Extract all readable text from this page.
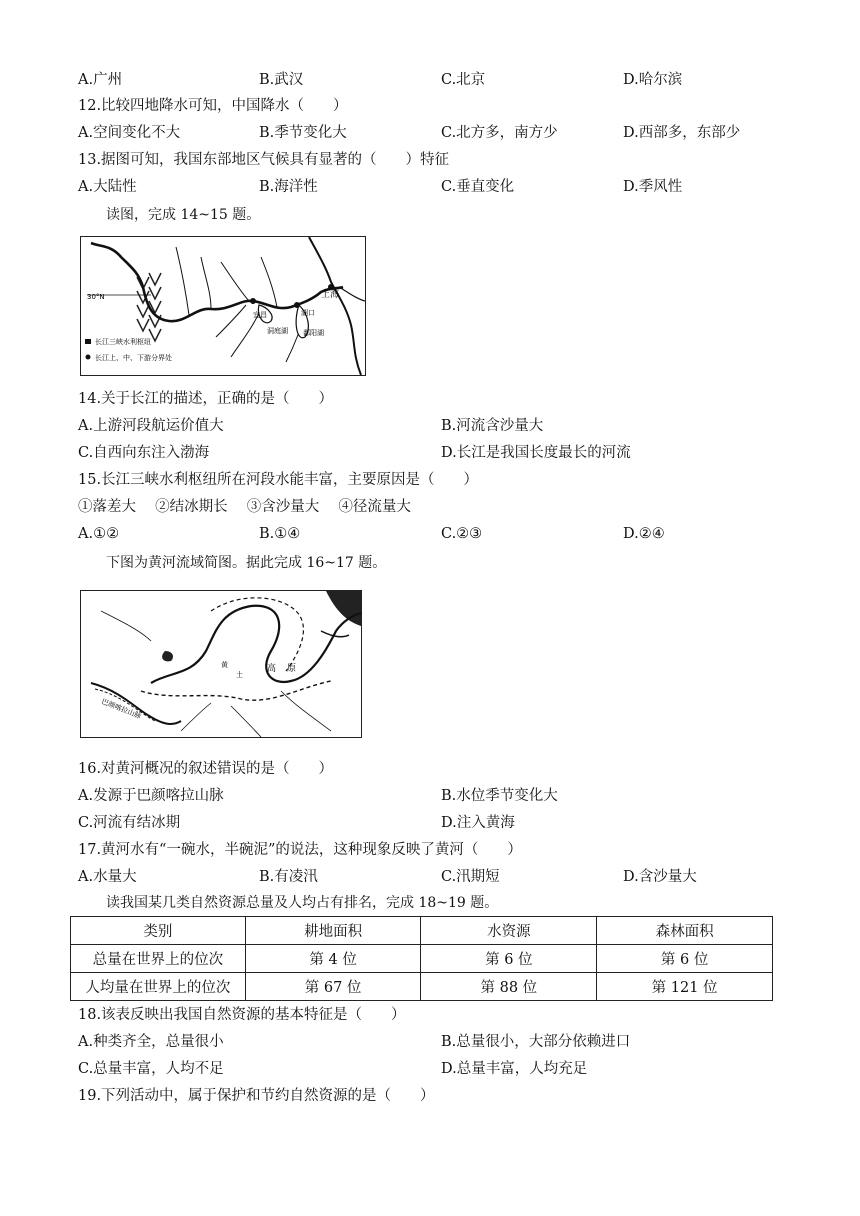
A.广州	B.武汉	C.北京	D.哈尔滨
12.比较四地降水可知，中国降水（　　）
A.空间变化不大	B.季节变化大	C.北方多，南方少	D.西部多，东部少
13.据图可知，我国东部地区气候具有显著的（　　）特征
A.大陆性	B.海洋性	C.垂直变化	D.季风性
读图，完成 14~15 题。
30°N	上海
宜昌
洞庭湖
湖口
鄱阳湖
长江三峡水利枢纽
长江上、中、下游分界处
14.关于长江的描述，正确的是（　　）
A.上游河段航运价值大	B.河流含沙量大
C.自西向东注入渤海	D.长江是我国长度最长的河流
15.长江三峡水利枢纽所在河段水能丰富，主要原因是（　　）
①落差大　 ②结冰期长　 ③含沙量大　 ④径流量大
A.①②	B.①④	C.②③	D.②④
下图为黄河流域简图。据此完成 16~17 题。
高 原
黄
土
巴颜喀拉山脉
16.对黄河概况的叙述错误的是（　　）
A.发源于巴颜喀拉山脉	B.水位季节变化大
C.河流有结冰期	D.注入黄海
17.黄河水有“一碗水，半碗泥”的说法，这种现象反映了黄河（　　）
A.水量大	B.有凌汛	C.汛期短	D.含沙量大
读我国某几类自然资源总量及人均占有排名，完成 18~19 题。
类别	耕地面积	水资源	森林面积
总量在世界上的位次	第 4 位	第 6 位	第 6 位
人均量在世界上的位次	第 67 位	第 88 位	第 121 位
18.该表反映出我国自然资源的基本特征是（　　）
A.种类齐全，总量很小	B.总量很小，大部分依赖进口
C.总量丰富，人均不足	D.总量丰富，人均充足
19.下列活动中，属于保护和节约自然资源的是（　　）
